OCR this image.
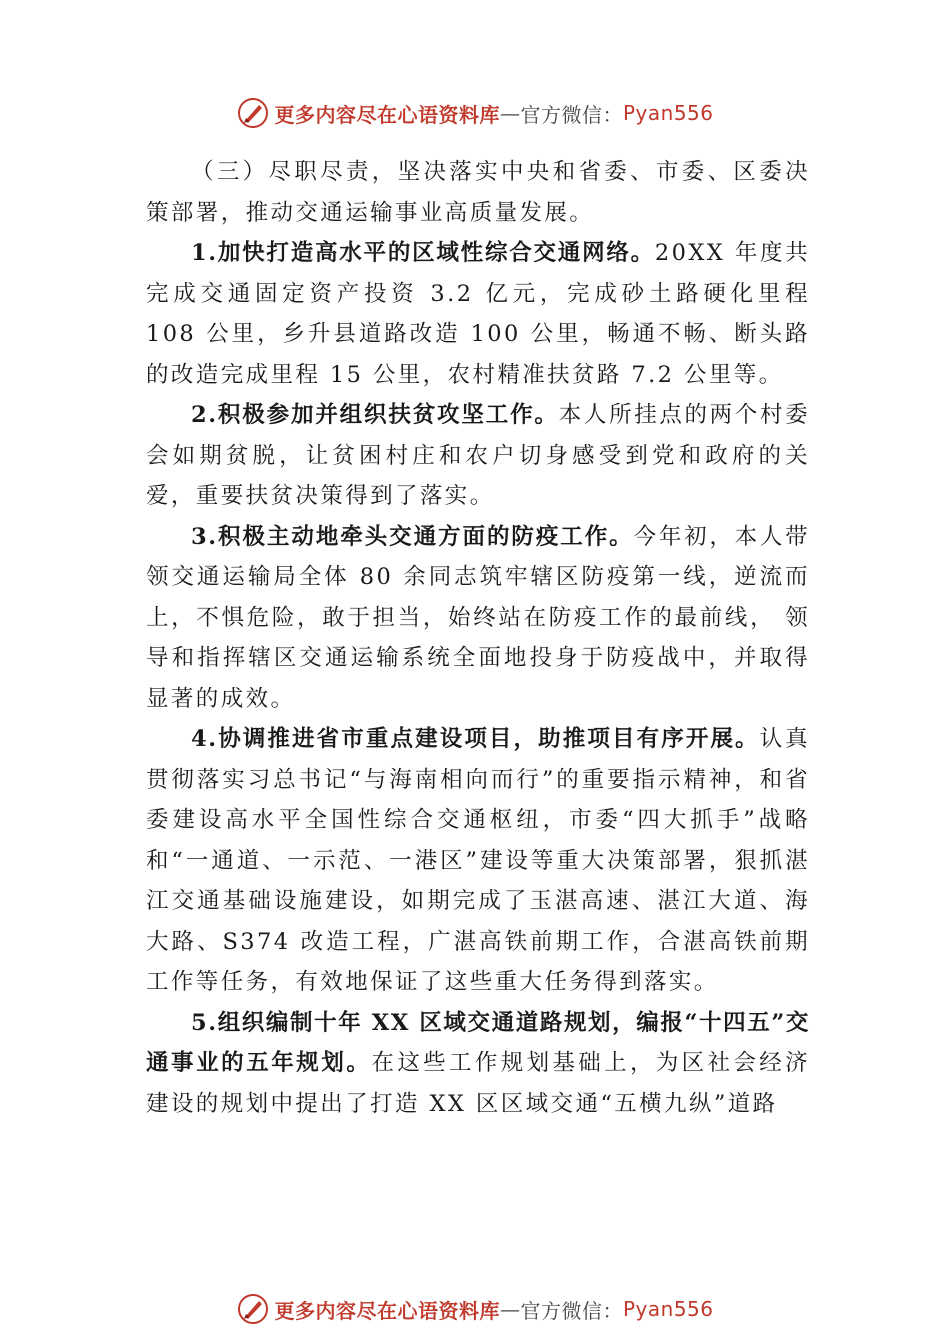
更多内容尽在心语资料库 — 官方微信： Pyan556

（三）尽职尽责，坚决落实中央和省委、市委、区委决策部署，推动交通运输事业高质量发展。

1.加快打造高水平的区域性综合交通网络。20XX 年度共完成交通固定资产投资 3.2 亿元，完成砂土路硬化里程 108 公里，乡升县道路改造 100 公里，畅通不畅、断头路的改造完成里程 15 公里，农村精准扶贫路 7.2 公里等。

2.积极参加并组织扶贫攻坚工作。本人所挂点的两个村委会如期贫脱，让贫困村庄和农户切身感受到党和政府的关爱，重要扶贫决策得到了落实。

3.积极主动地牵头交通方面的防疫工作。今年初，本人带领交通运输局全体 80 余同志筑牢辖区防疫第一线，逆流而上，不惧危险，敢于担当，始终站在防疫工作的最前线， 领导和指挥辖区交通运输系统全面地投身于防疫战中，并取得显著的成效。

4.协调推进省市重点建设项目，助推项目有序开展。认真贯彻落实习总书记“与海南相向而行”的重要指示精神，和省委建设高水平全国性综合交通枢纽，市委“四大抓手”战略和“一通道、一示范、一港区”建设等重大决策部署，狠抓湛江交通基础设施建设，如期完成了玉湛高速、湛江大道、海大路、S374 改造工程，广湛高铁前期工作，合湛高铁前期工作等任务，有效地保证了这些重大任务得到落实。

5.组织编制十年 XX 区域交通道路规划，编报“十四五”交通事业的五年规划。在这些工作规划基础上，为区社会经济建设的规划中提出了打造 XX 区区域交通“五横九纵”道路

更多内容尽在心语资料库 — 官方微信： Pyan556
